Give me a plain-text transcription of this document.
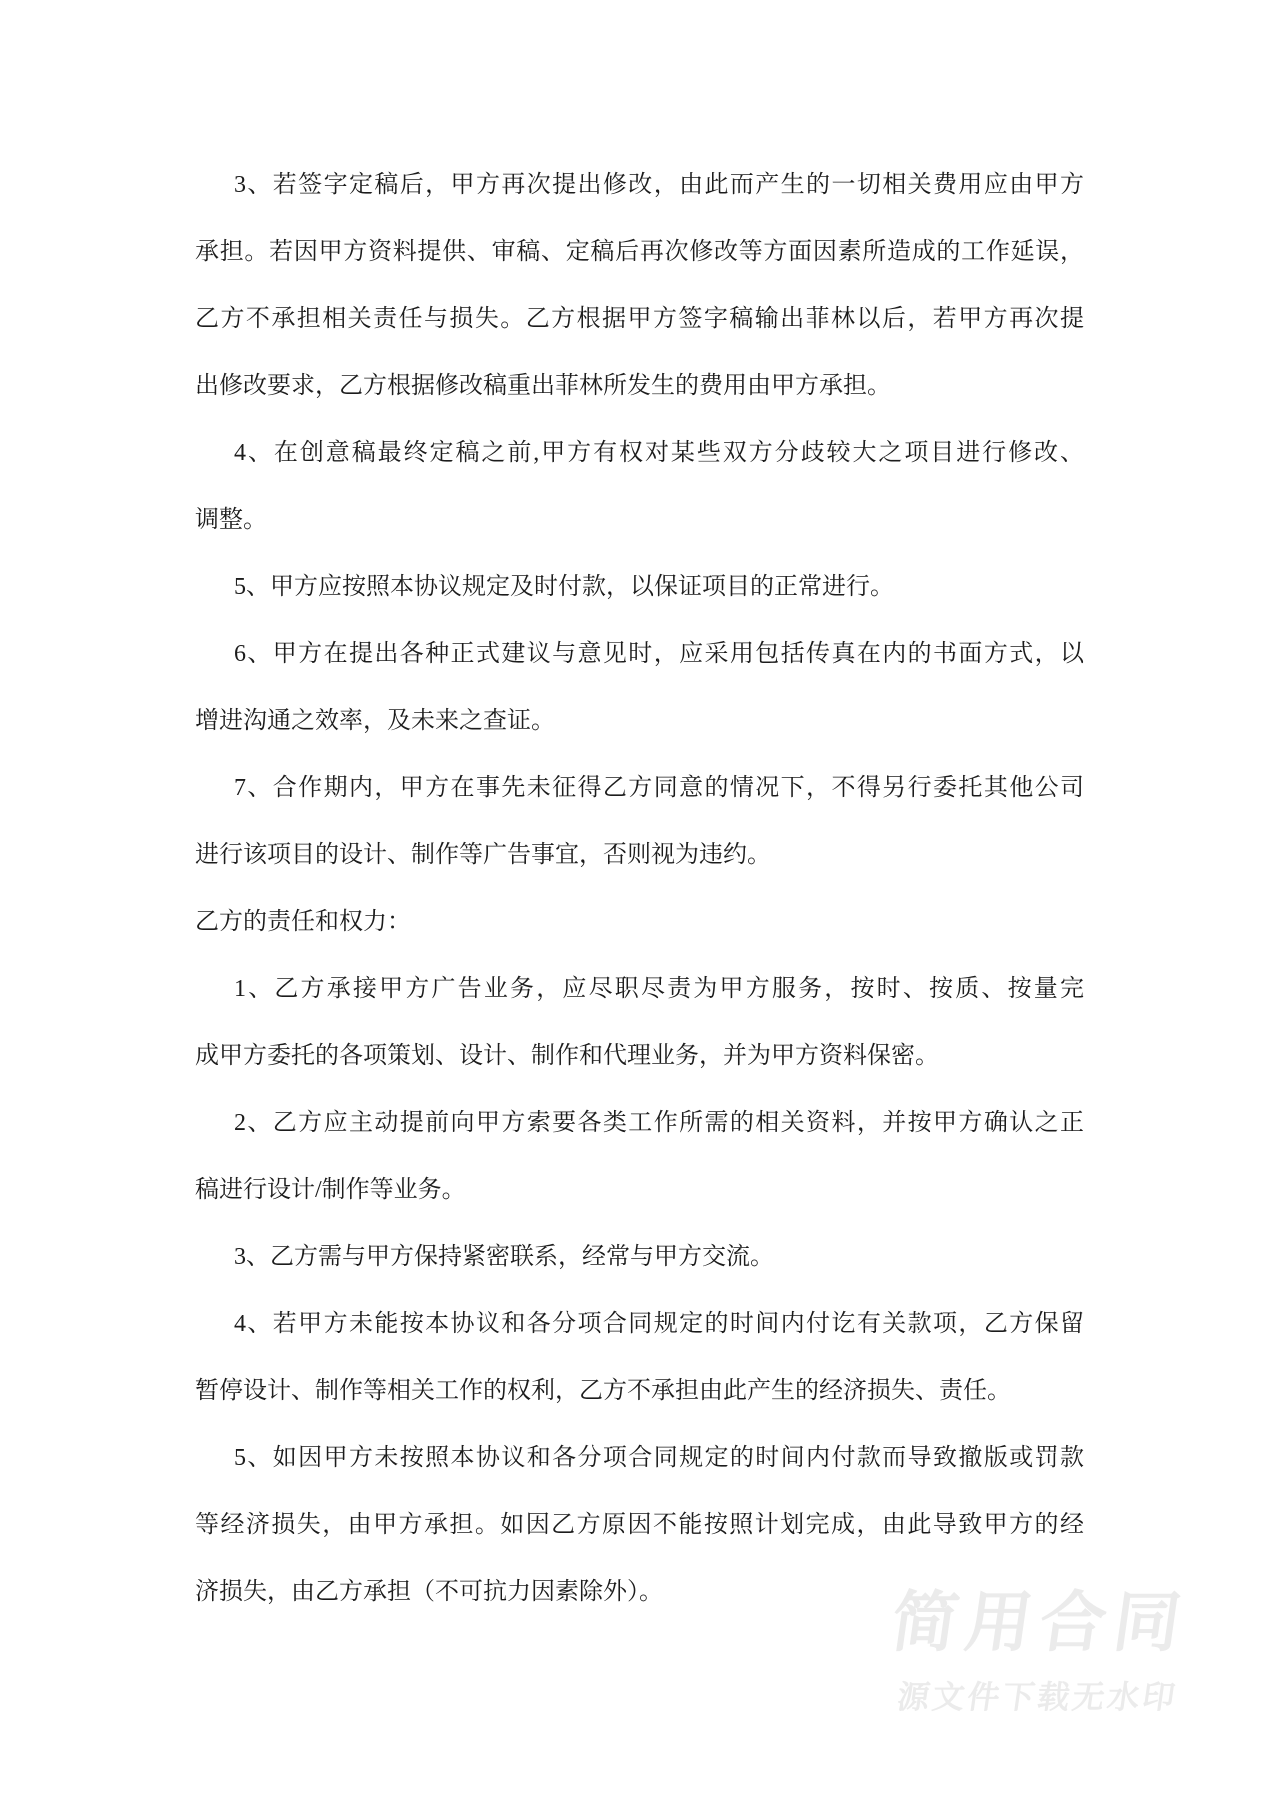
3、若签字定稿后，甲方再次提出修改，由此而产生的一切相关费用应由甲方
承担。若因甲方资料提供、审稿、定稿后再次修改等方面因素所造成的工作延误，
乙方不承担相关责任与损失。乙方根据甲方签字稿输出菲林以后，若甲方再次提
出修改要求，乙方根据修改稿重出菲林所发生的费用由甲方承担。
4、在创意稿最终定稿之前,甲方有权对某些双方分歧较大之项目进行修改、
调整。
5、甲方应按照本协议规定及时付款，以保证项目的正常进行。
6、甲方在提出各种正式建议与意见时，应采用包括传真在内的书面方式，以
增进沟通之效率，及未来之查证。
7、合作期内，甲方在事先未征得乙方同意的情况下，不得另行委托其他公司
进行该项目的设计、制作等广告事宜，否则视为违约。
乙方的责任和权力：
1、乙方承接甲方广告业务，应尽职尽责为甲方服务，按时、按质、按量完
成甲方委托的各项策划、设计、制作和代理业务，并为甲方资料保密。
2、乙方应主动提前向甲方索要各类工作所需的相关资料，并按甲方确认之正
稿进行设计/制作等业务。
3、乙方需与甲方保持紧密联系，经常与甲方交流。
4、若甲方未能按本协议和各分项合同规定的时间内付讫有关款项，乙方保留
暂停设计、制作等相关工作的权利，乙方不承担由此产生的经济损失、责任。
5、如因甲方未按照本协议和各分项合同规定的时间内付款而导致撤版或罚款
等经济损失，由甲方承担。如因乙方原因不能按照计划完成，由此导致甲方的经
济损失，由乙方承担（不可抗力因素除外）。	简用合同
源文件下载无水印
